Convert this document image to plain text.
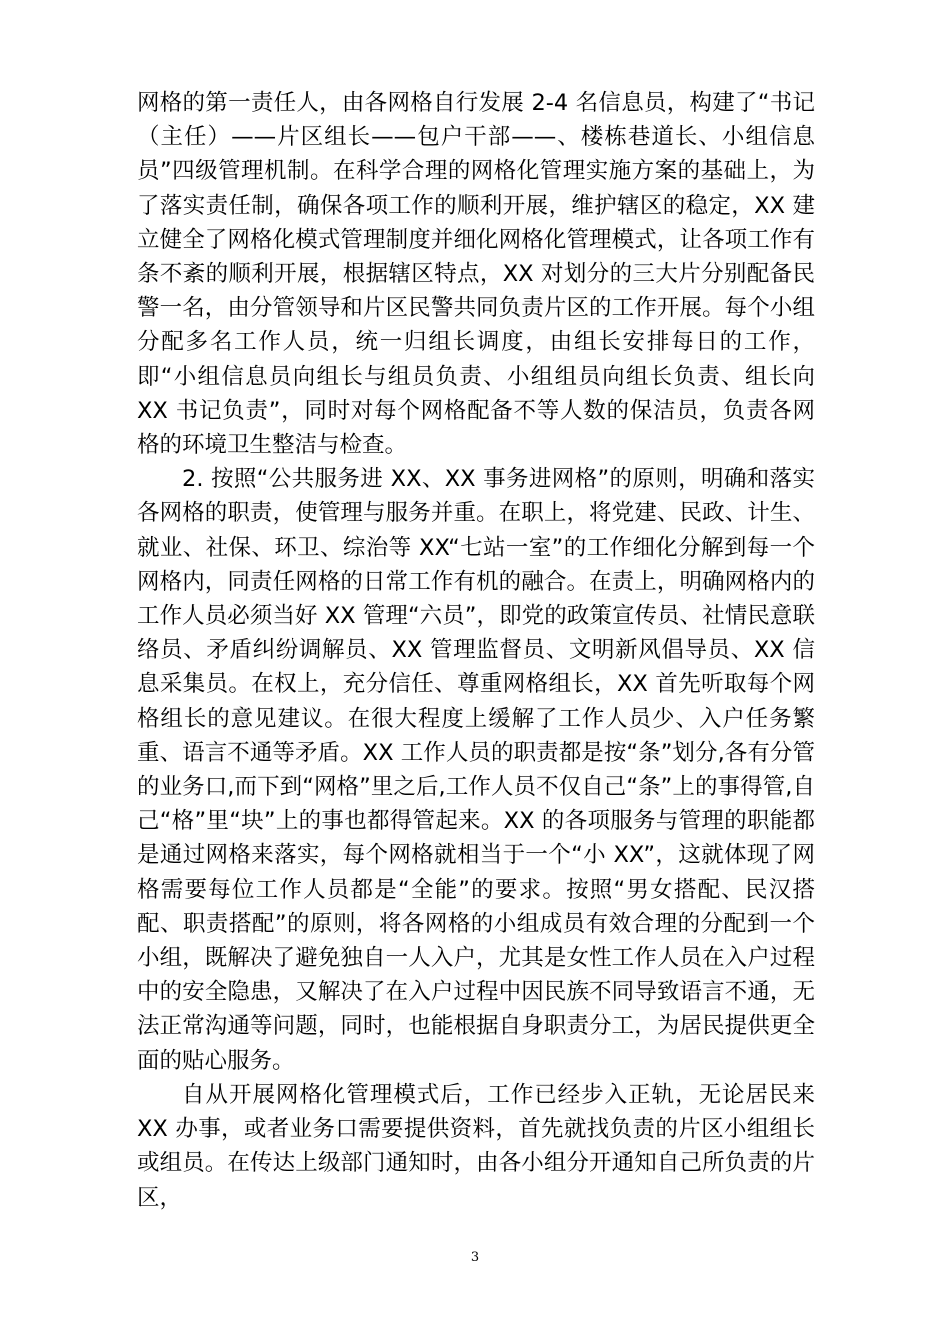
网格的第一责任人，由各网格自行发展 2-4 名信息员，构建了“书记（主任）——片区组长——包户干部——、楼栋巷道长、小组信息员”四级管理机制。在科学合理的网格化管理实施方案的基础上，为了落实责任制，确保各项工作的顺利开展，维护辖区的稳定，XX 建立健全了网格化模式管理制度并细化网格化管理模式，让各项工作有条不紊的顺利开展，根据辖区特点，XX 对划分的三大片分别配备民警一名，由分管领导和片区民警共同负责片区的工作开展。每个小组分配多名工作人员，统一归组长调度，由组长安排每日的工作，即“小组信息员向组长与组员负责、小组组员向组长负责、组长向 XX 书记负责”，同时对每个网格配备不等人数的保洁员，负责各网格的环境卫生整洁与检查。

2. 按照“公共服务进 XX、XX 事务进网格”的原则，明确和落实各网格的职责，使管理与服务并重。在职上，将党建、民政、计生、就业、社保、环卫、综治等 XX“七站一室”的工作细化分解到每一个网格内，同责任网格的日常工作有机的融合。在责上，明确网格内的工作人员必须当好 XX 管理“六员”，即党的政策宣传员、社情民意联络员、矛盾纠纷调解员、XX 管理监督员、文明新风倡导员、XX 信息采集员。在权上，充分信任、尊重网格组长，XX 首先听取每个网格组长的意见建议。在很大程度上缓解了工作人员少、入户任务繁重、语言不通等矛盾。XX 工作人员的职责都是按“条”划分,各有分管的业务口,而下到“网格”里之后,工作人员不仅自己“条”上的事得管,自己“格”里“块”上的事也都得管起来。XX 的各项服务与管理的职能都是通过网格来落实，每个网格就相当于一个“小 XX”，这就体现了网格需要每位工作人员都是“全能”的要求。按照“男女搭配、民汉搭配、职责搭配”的原则，将各网格的小组成员有效合理的分配到一个小组，既解决了避免独自一人入户，尤其是女性工作人员在入户过程中的安全隐患，又解决了在入户过程中因民族不同导致语言不通，无法正常沟通等问题，同时，也能根据自身职责分工，为居民提供更全面的贴心服务。

自从开展网格化管理模式后，工作已经步入正轨，无论居民来 XX 办事，或者业务口需要提供资料，首先就找负责的片区小组组长或组员。在传达上级部门通知时，由各小组分开通知自己所负责的片区，

3
